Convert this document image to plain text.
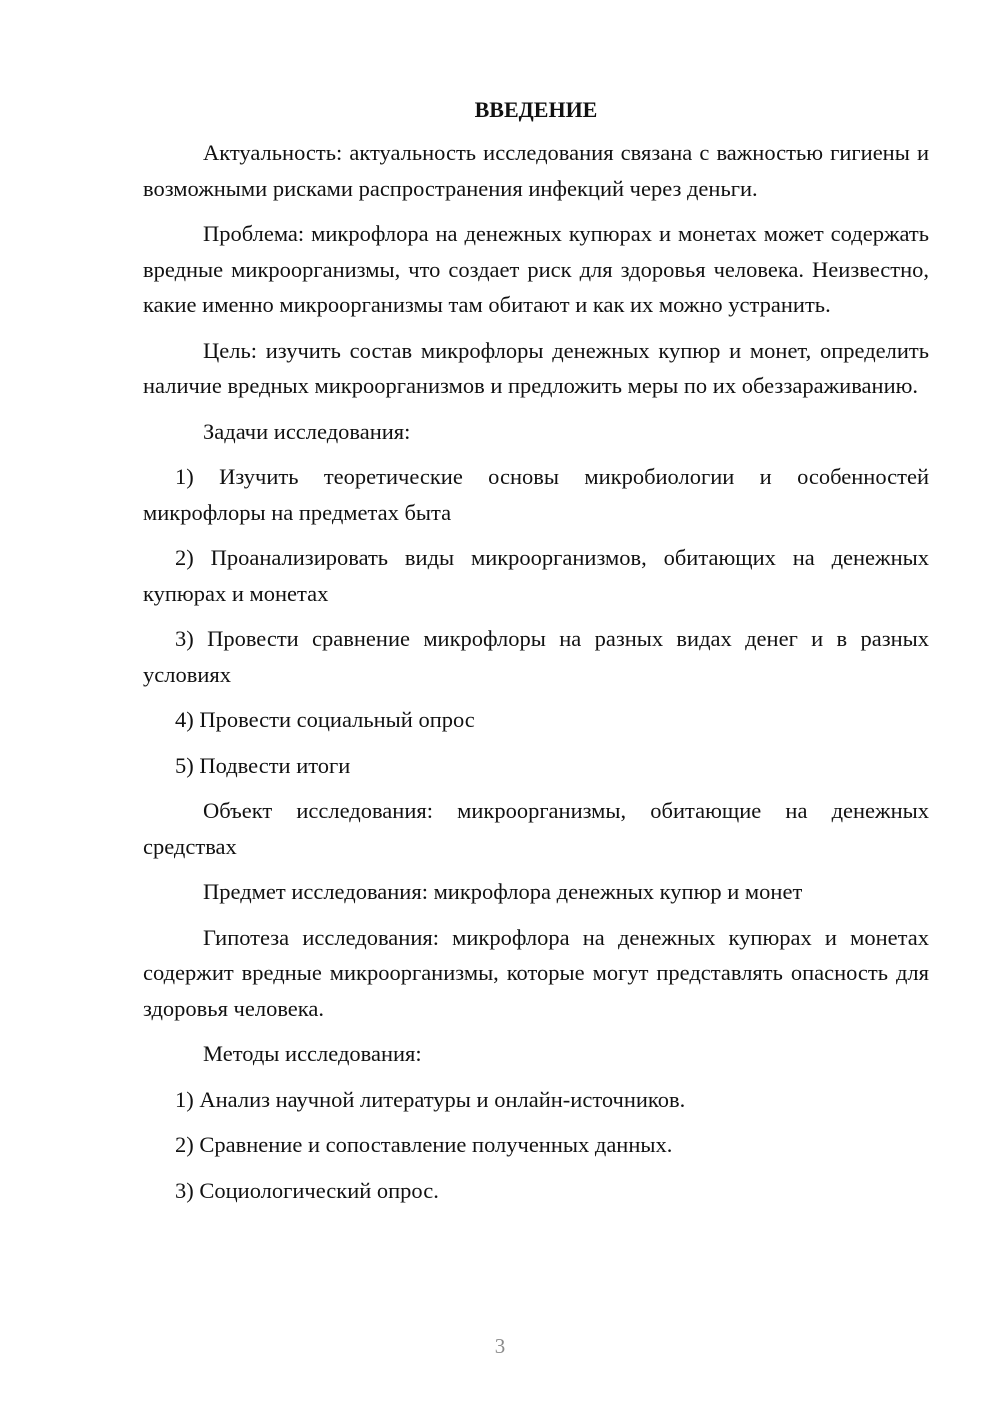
ВВЕДЕНИЕ

Актуальность: актуальность исследования связана с важностью гигиены и возможными рисками распространения инфекций через деньги.

Проблема: микрофлора на денежных купюрах и монетах может содержать вредные микроорганизмы, что создает риск для здоровья человека. Неизвестно, какие именно микроорганизмы там обитают и как их можно устранить.

Цель: изучить состав микрофлоры денежных купюр и монет, определить наличие вредных микроорганизмов и предложить меры по их обеззараживанию.

Задачи исследования:

1) Изучить теоретические основы микробиологии и особенностей микрофлоры на предметах быта

2) Проанализировать виды микроорганизмов, обитающих на денежных купюрах и монетах

3) Провести сравнение микрофлоры на разных видах денег и в разных условиях

4) Провести социальный опрос

5) Подвести итоги

Объект исследования: микроорганизмы, обитающие на денежных средствах

Предмет исследования: микрофлора денежных купюр и монет

Гипотеза исследования: микрофлора на денежных купюрах и монетах содержит вредные микроорганизмы, которые могут представлять опасность для здоровья человека.

Методы исследования:

1) Анализ научной литературы и онлайн-источников.

2) Сравнение и сопоставление полученных данных.

3) Социологический опрос.

3
